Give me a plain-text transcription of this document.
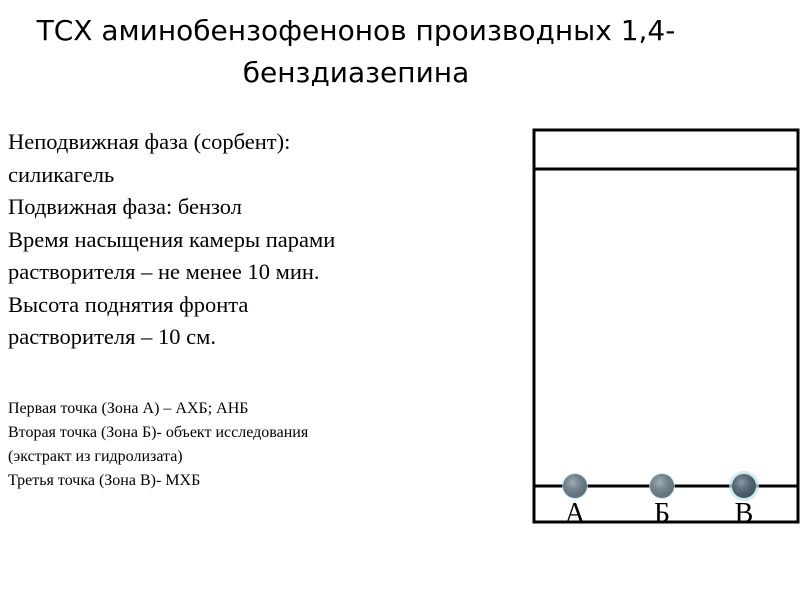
ТСХ аминобензофенонов производных 1,4-
бенздиазепина
Неподвижная фаза (сорбент):
силикагель
Подвижная фаза: бензол
Время насыщения камеры парами
растворителя – не менее 10 мин.
Высота поднятия фронта
растворителя – 10 см.
Первая точка (Зона А) – АХБ; АНБ
Вторая точка (Зона Б)- объект исследования
(экстракт из гидролизата)
Третья точка (Зона В)- МХБ
А Б В
